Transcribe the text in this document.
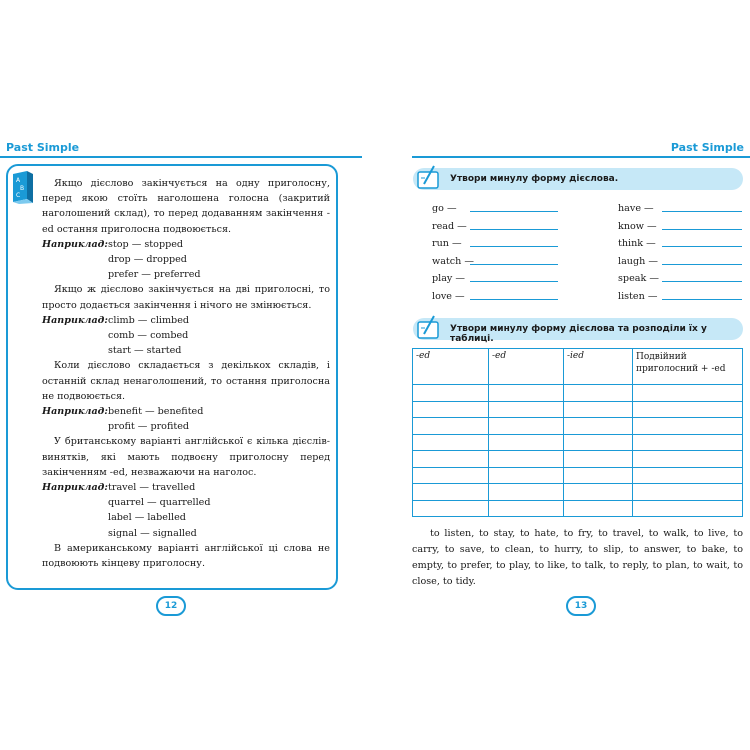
Past Simple
A
B
C

Якщо дієслово закінчується на одну приголосну, перед якою стоїть наголошена голосна (закритий наголошений склад), то перед додаванням закінчення -ed остання приголосна подвоюється.

Наприклад: stop — stopped
drop — dropped
prefer — preferred

Якщо ж дієслово закінчується на дві приголосні, то просто додається закінчення і нічого не змінюється.

Наприклад: climb — climbed
comb — combed
start — started

Коли дієслово складається з декількох складів, і останній склад ненаголошений, то остання приголосна не подвоюється.

Наприклад: benefit — benefited
profit — profited

У британському варіанті англійської є кілька дієслів-виняткiв, які мають подвоєну приголосну перед закінченням -ed, незважаючи на наголос.

Наприклад: travel — travelled
quarrel — quarrelled
label — labelled
signal — signalled

В американському варіанті англійської ці слова не подвоюють кінцеву приголосну.

12
Past Simple
Утвори минулу форму дієслова.
go —
read —
run —
watch —
play —
love —
have —
know —
think —
laugh —
speak —
listen —
Утвори минулу форму дієслова та розподіли їх у таблиці.
-ed	-ed	-ied	Подвійний приголосний + -ed

to listen, to stay, to hate, to fry, to travel, to walk, to live, to carry, to save, to clean, to hurry, to slip, to answer, to bake, to empty, to prefer, to play, to like, to talk, to reply, to plan, to wait, to close, to tidy.

13
